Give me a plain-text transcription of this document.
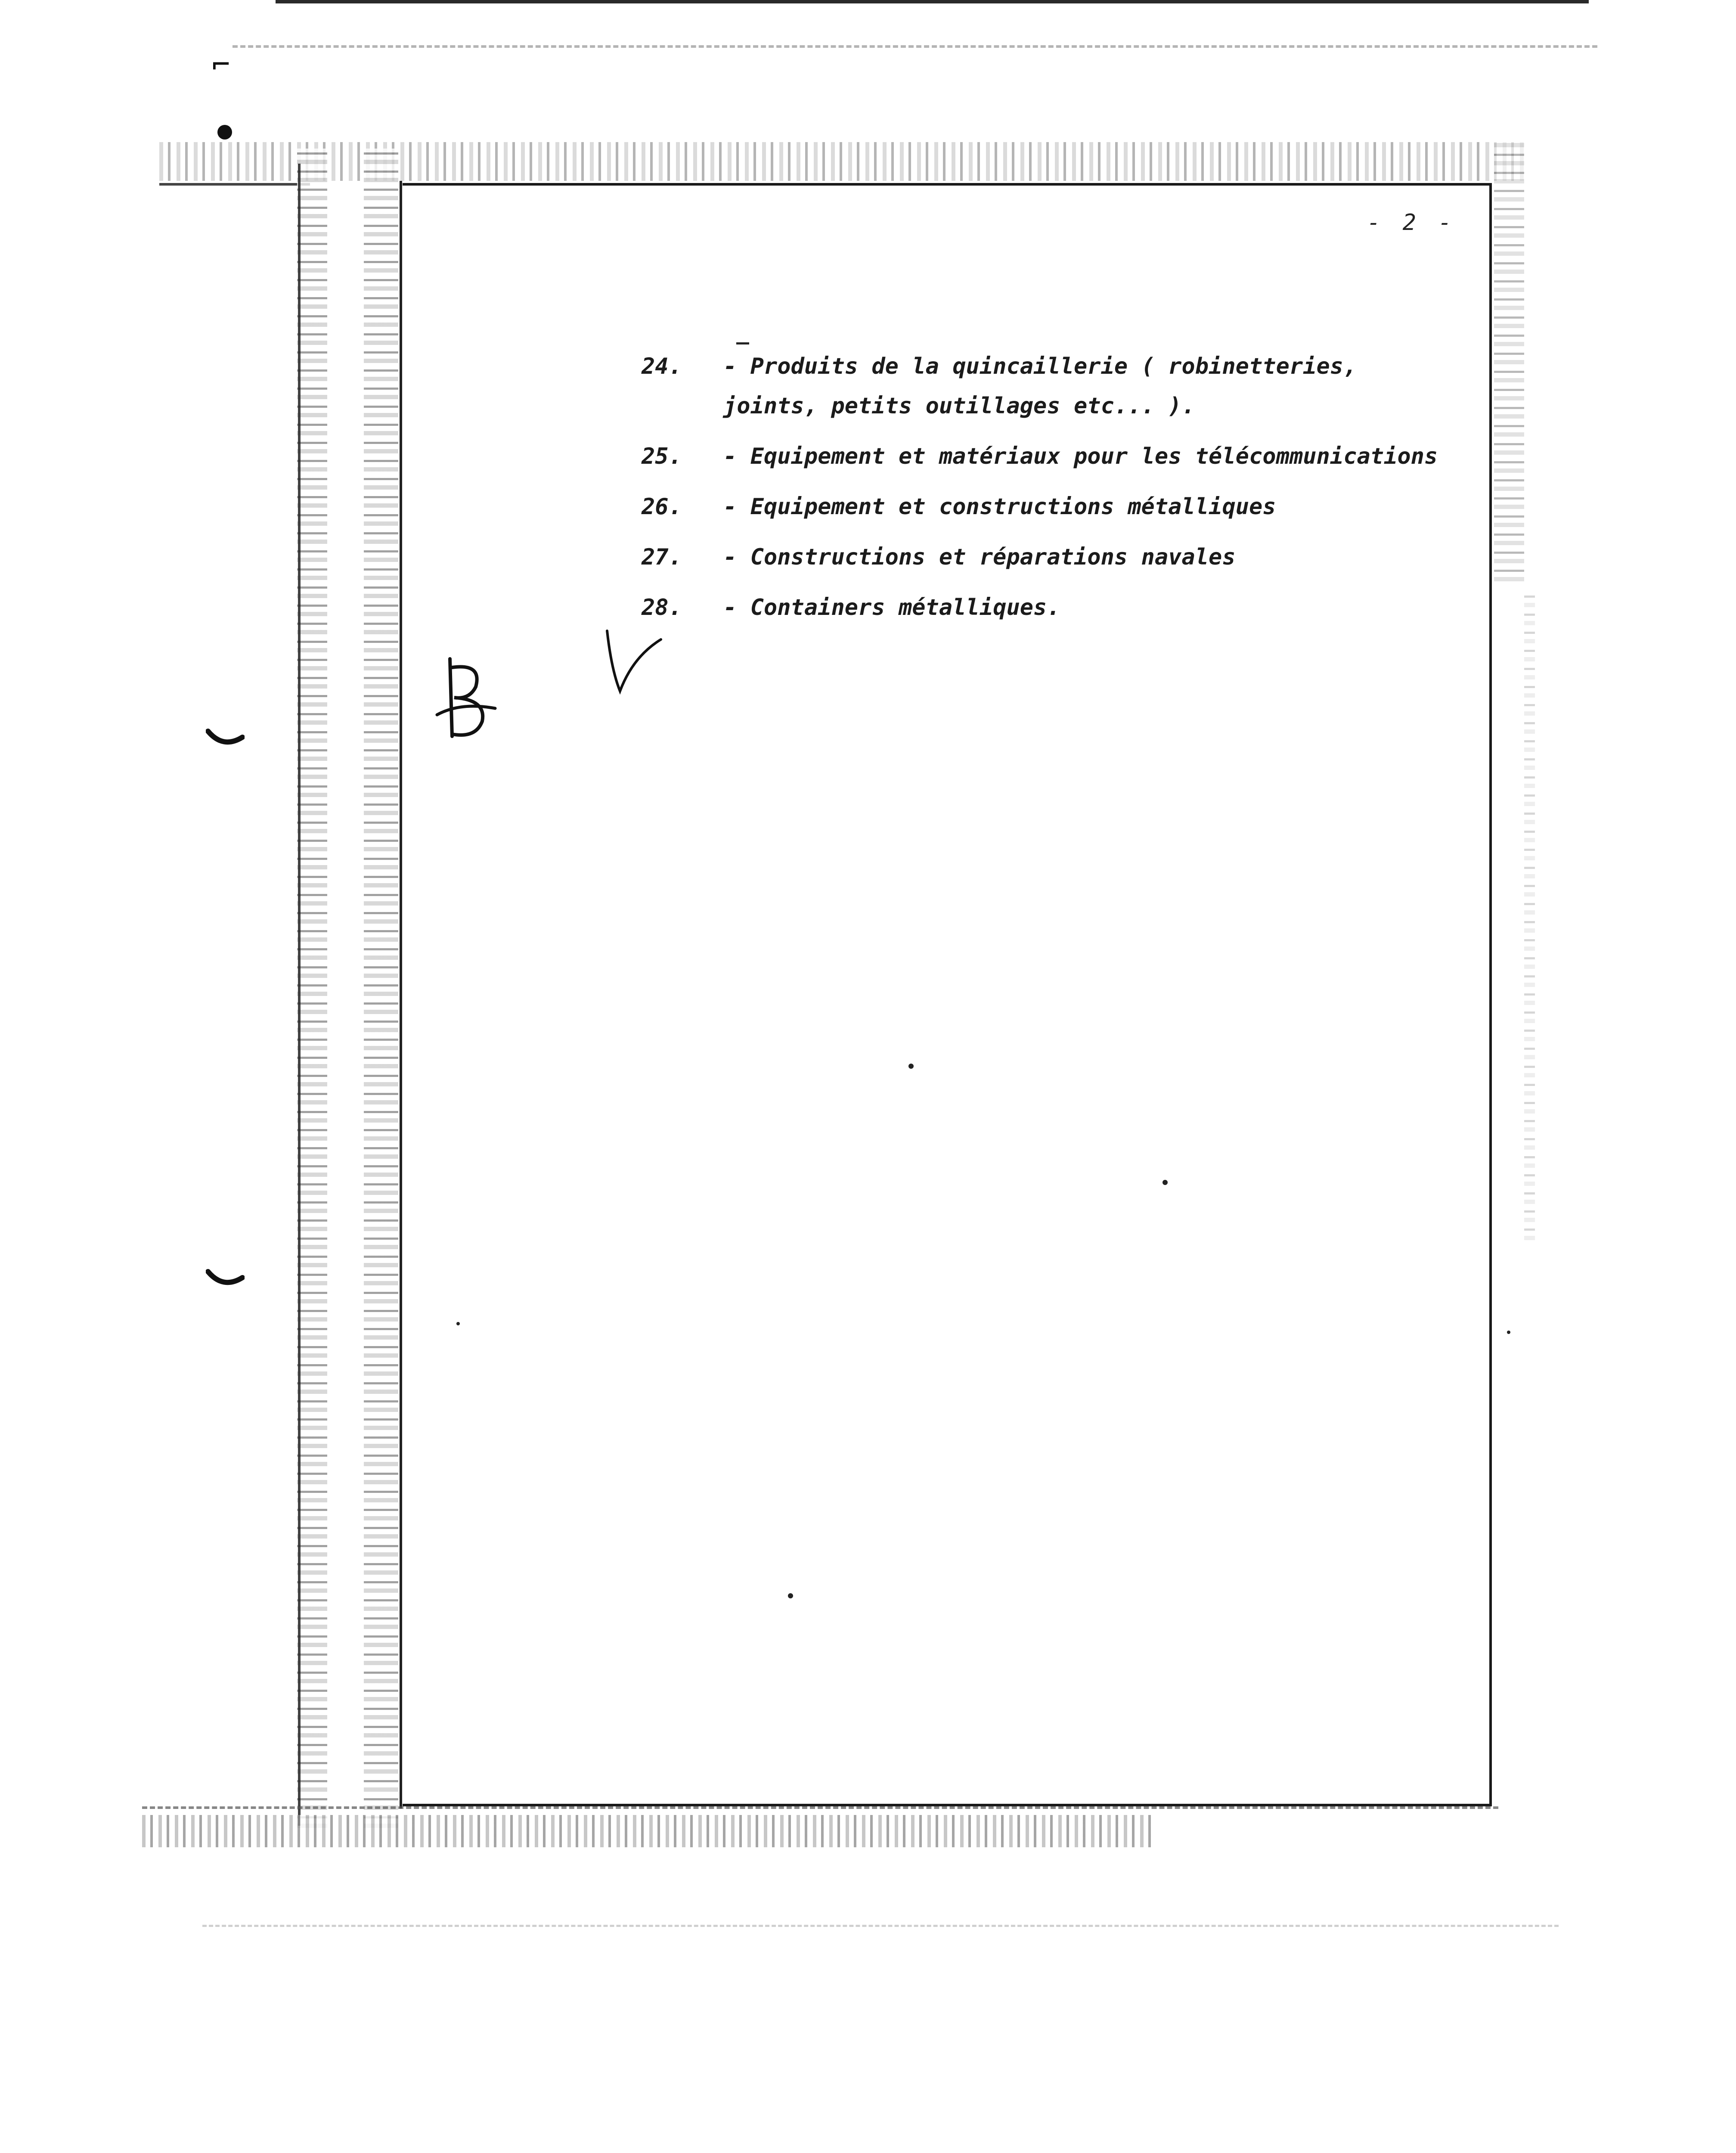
⌐
- 2 -
24.	- Produits de la quincaillerie ( robinetteries, joints, petits outillages etc... ).
25.	- Equipement et matériaux pour les télécommunications
26.	- Equipement et constructions métalliques
27.	- Constructions et réparations navales
28.	- Containers métalliques.
